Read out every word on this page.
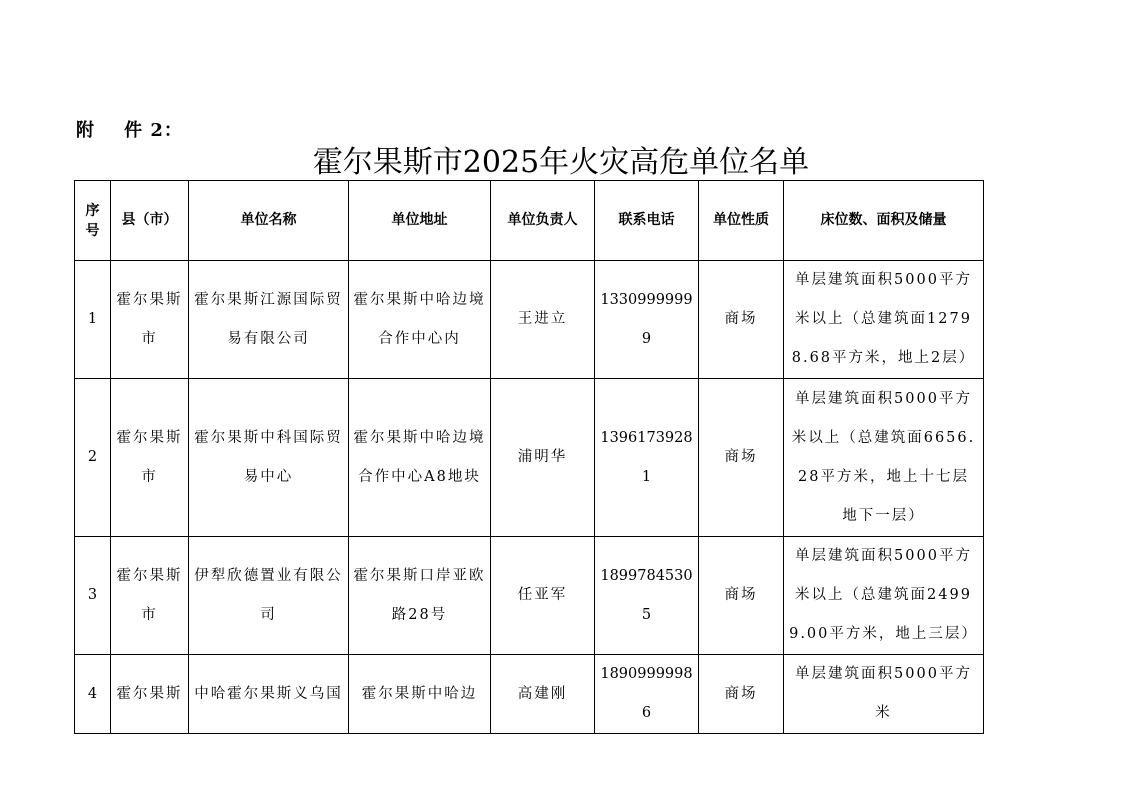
附    件 2：
霍尔果斯市2025年火灾高危单位名单
序号	县（市）	单位名称	单位地址	单位负责人	联系电话	单位性质	床位数、面积及储量
1	霍尔果斯市	霍尔果斯江源国际贸易有限公司	霍尔果斯中哈边境合作中心内	王进立	13309999999	商场	单层建筑面积5000平方米以上（总建筑面12798.68平方米，地上2层）
2	霍尔果斯市	霍尔果斯中科国际贸易中心	霍尔果斯中哈边境合作中心A8地块	浦明华	13961739281	商场	单层建筑面积5000平方米以上（总建筑面6656.28平方米，地上十七层 地下一层）
3	霍尔果斯市	伊犁欣德置业有限公司	霍尔果斯口岸亚欧路28号	任亚军	18997845305	商场	单层建筑面积5000平方米以上（总建筑面24999.00平方米，地上三层）
4	霍尔果斯	中哈霍尔果斯义乌国	霍尔果斯中哈边	高建刚	18909999986	商场	单层建筑面积5000平方米
